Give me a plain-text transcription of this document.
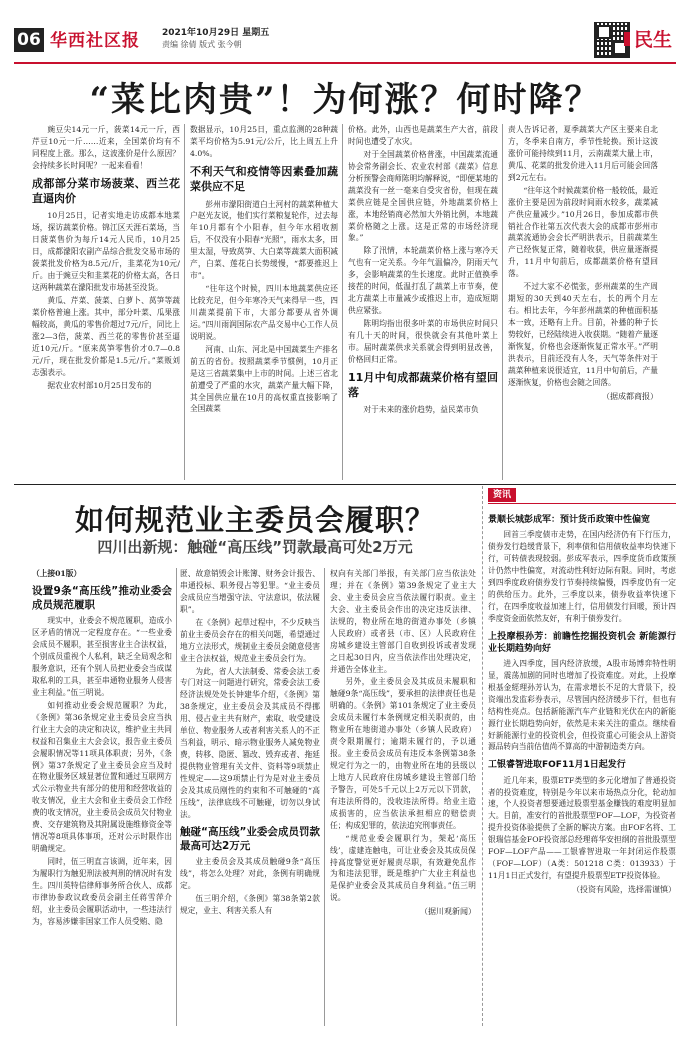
06 华西社区报 2021年10月29日 星期五
责编 徐倩 版式 张今朝	民生
“菜比肉贵”！为何涨？何时降？

豌豆尖14元一斤，菠菜14元一斤，西芹豆10元一斤……近来，全国菜价均有不同程度上涨。那么，这波涨价是什么原因？会持续多长时间呢？一起来看看！

成都部分菜市场菠菜、西兰花直逼肉价

10月25日，记者实地走访成都本地菜场，探访蔬菜价格。锦江区天涯石菜场，当日菠菜售价为每斤14元人民币，10月25日，成都濛阳农副产品综合批发交易市场的菠菜批发价格为8.5元/斤，韭菜花为10元/斤。由于豌豆尖和韭菜花的价格太高，各日这两种蔬菜在濛阳批发市场甚至没货。

黄瓜、芹菜、菠菜、白萝卜、莴笋等蔬菜价格普遍上涨。其中，部分叶菜、瓜果涨幅较高，黄瓜的零售价超过7元/斤，同比上涨2—3倍，菠菜、西兰花的零售价甚至逼近10元/斤。“原来莴笋零售价才0.7—0.8元/斤，现在批发价都是1.5元/斤。”菜贩刘志强表示。

据农业农村部10月25日发布的

数据显示，10月25日，重点监测的28种蔬菜平均价格为5.91元/公斤，比上周五上升4.0%。

不利天气和疫情等因素叠加蔬菜供应不足

彭州市濛阳街道白土河村的蔬菜种植大户赵光友说，他们实行菜粮复轮作，过去每年10月都有个小阳春，但今年水稻收割后，不仅没有小阳春“光照”，雨水太多，田里太湿，导致莴笋、大白菜等蔬菜大面积减产，白菜、莲花白长势缓慢，“都要推迟上市”。

“往年这个时候，四川本地蔬菜供应还比较充足，但今年寒冷天气来得早一些，四川蔬菜提前下市，大部分都要从省外调运。”四川雨润国际农产品交易中心工作人员说明说。

河南、山东、河北是中国蔬菜生产排名前五的省份。按照蔬菜季节惯例，10月正是这三省蔬菜集中上市的时间。上述三省北前遭受了严重的水灾，蔬菜产量大幅下降，其全国供应量在10月的高权重直接影响了全国蔬菜

价格。此外，山西也是蔬菜生产大省，前段时间也遭受了水灾。

对于全国蔬菜价格普涨，中国蔬菜流通协会常务副会长、农业农村部《蔬菜》信息分析预警会商师陈明均解释说，“即便某地的蔬菜没有一丝一毫来自受灾省份，但现在蔬菜供应链是全国供应链，外地蔬菜价格上涨，本地经销商必然加大外销比例，本地蔬菜价格随之上涨。这是正常的市场经济现象。”

除了汛情，本轮蔬菜价格上涨与寒冷天气也有一定关系。今年气温偏冷，阴雨天气多，会影响蔬菜的生长速度。此时正值换季接茬的时间，低温打乱了蔬菜上市节奏，使北方蔬菜上市量减少或推迟上市，造成短期供应紧张。

陈明均指出很多叶菜的市场供应时间只有几十天的时间，很快就会有其他叶菜上市。届时蔬菜供求关系就会得到明显改善，价格回归正常。

11月中旬成都蔬菜价格有望回落

对于未来的涨价趋势，益民菜市负

责人告诉记者，夏季蔬菜大产区主要来自北方，冬季来自南方，季节性轮换。预计这波涨价可能持续到11月，云南蔬菜大量上市，黄瓜、花菜的批发价进入11月后可能会回落到2元左右。

“往年这个时候蔬菜价格一般较低，最近涨价主要是因为前段时间雨水较多，蔬菜减产供应量减少。”10月26日，参加成都市供销社合作社第五次代表大会的成都市彭州市蔬菜流通协会会长严明洪表示，目前蔬菜生产已经恢复正常，随着收获，供应量逐渐提升，11月中旬前后，成都蔬菜价格有望回落。

不过大家不必慌张，彭州蔬菜的生产周期短的30天到40天左右，长的两个月左右。相比去年，今年彭州蔬菜的种植面积基本一致，还略有上升。目前，补播的种子长势较好，已经陆续进入收获期。“随着产量逐渐恢复，价格也会逐渐恢复正常水平。”严明洪表示，目前还没有人冬，天气等条件对于蔬菜种植来说很适宜，11月中旬前后，产量逐渐恢复，价格也会随之回落。

（据成都商报）
如何规范业主委员会履职？
四川出新规：触碰“高压线”罚款最高可处2万元

（上接01版）

设置9条“高压线”推动业委会成员规范履职

现实中，业委会不规范履职，造成小区矛盾的情况一定程度存在。“一些业委会成员不履职，甚至损害业主合法权益，个别成员重视个人私利，缺乏全局观念和服务意识，还有个别人员把业委会当成谋取私利的工具，甚至串通物业服务人侵害业主利益。”伍三明说。

如何推动业委会规范履职？为此，《条例》第36条规定业主委员会应当执行业主大会的决定和决议，维护业主共同权益和召集业主大会会议，报告业主委员会履职情况等11项具体职责；另外，《条例》第37条规定了业主委员会应当及时在物业服务区域显著位置和通过互联网方式公示物业共有部分的使用和经营收益的收支情况，业主大会和业主委员会工作经费的收支情况，业主委员会成员欠付物业费、交存建筑物及其附属设施维修资金等情况等8项具体事项，还对公示时限作出明确规定。

同时，伍三明直言该调，近年来，因为履职行为触犯刑法被判刑的情况时有发生。四川英特信律师事务所合伙人、成都市律协参政议政委员会副主任蒋雪萍介绍，业主委员会履职活动中，一些违法行为，容易涉嫌非国家工作人员受贿、隐

匿、故意销毁会计账簿、财务会计报告、串通投标、职务侵占等犯罪。“业主委员会成员应当增强守法、守法意识，依法履职”。

在《条例》起草过程中，不少反映当前业主委员会存在的相关问题，希望通过地方立法形式，规制业主委员会随意侵害业主合法权益，规范业主委员会行为。

为此，省人大法制委、常委会法工委专门对这一问题进行研究，常委会法工委经济法规处处长钟建华介绍，《条例》第38条规定，业主委员会及其成员不得挪用、侵占业主共有财产，索取、收受建设单位、物业服务人或者利害关系人的不正当利益，明示、暗示物业服务人减免物业费，转移、隐匿、篡改、毁弃或者、拖延提供物业管理有关文件、资料等9项禁止性规定——这9项禁止行为是对业主委员会及其成员刚性的约束和不可触碰的“高压线”，法律底线不可触碰，切勿以身试法。

触碰“高压线”业委会成员罚款最高可达2万元

业主委员会及其成员触碰9条“高压线”，将怎么处理？对此，条例有明确规定。

伍三明介绍，《条例》第38条第2款规定，业主、利害关系人有

权向有关部门举报，有关部门应当依法处理；并在《条例》第39条规定了业主大会、业主委员会应当依法履行职责。业主大会、业主委员会作出的决定违反法律、法规的，物业所在地的街道办事处（乡镇人民政府）或者县（市、区）人民政府住房城乡建设主管部门自收到投诉或者发现之日起30日内，应当依法作出处理决定，并通告全体业主。

另外，业主委员会及其成员未履职和触碰9条“高压线”，要承担的法律责任也是明确的。《条例》第101条规定了业主委员会成员未履行本条例规定相关职责的，由物业所在地街道办事处（乡镇人民政府）责令限期履行；逾期未履行的，予以通报。业主委员会成员有违反本条例第38条规定行为之一的，由物业所在地的县级以上地方人民政府住房城乡建设主管部门给予警告，可处5千元以上2万元以下罚款，有违法所得的，没收违法所得。给业主造成损害的，应当依法承担相应的赔偿责任；构成犯罪的，依法追究刑事责任。

“规范业委会履职行为，架起‘高压线’，虚建连触电，可让业委会及其成员保持高度警觉更好履责尽职，有效避免乱作为和违法犯罪，既是维护广大业主利益也是保护业委会及其成员自身利益。”伍三明说。

（据川观新闻）
资讯
景顺长城彭成军：预计货币政策中性偏宽

回首三季度债市走势，在国内经济仍有下行压力，债券发行趋缓背景下，利率债和信用债收益率均快速下行，可转债表现较弱。彭成军表示，四季度货币政策预计仍然中性偏宽，对流动性利好边际有限。同时，考虑到四季度政府债券发行节奏持续偏慢，四季度仍有一定的供给压力。此外，三季度以来，债券收益率快速下行，在四季度收益加速上行，信用债发行回暖，预计四季度资金面依然友好，有利于债券发行。

上投摩根孙芳：前瞻性挖掘投资机会 新能源行业长期趋势向好

进入四季度，国内经济放缓，A股市场博弈特性明显，震荡加剧的同时也增加了投资难度。对此，上投摩根基金經理孙芳认为，在需求增长不足的大背景下，投资端出发监彩券表示，尽管国内经济缓步下行，但也有结构性亮点。包括新能源汽车产业链和光伏在内的新能源行业长期趋势向好，依然是未来关注的重点。继续看好新能源行业的投资机会，但投资重心可能会从上游资源品转向当前估值尚不算高的中游制造类方向。

工银睿智进取FOF11月1日起发行

近几年来，股票ETF类型的多元化增加了普通投资者的投资难度，特别是今年以来市场热点分化，轮动加速，个人投资者想要通过股票型基金赚钱的难度明显加大。目前，准安行的首批股票型FOF—LOF，为投资者提升投资体验提供了全新的解决方案。由FOF名将、工银瑞信基金FOF投资部总经理蒋华安担纲的首批股票型FOF—LOF产品——工银睿智进取一年封闭运作股票（FOF—LOF）（A类：501218 C类：013933）于11月1日正式发行，有望提升股票型ETF投资体验。

（投资有风险，选择需谨慎）
